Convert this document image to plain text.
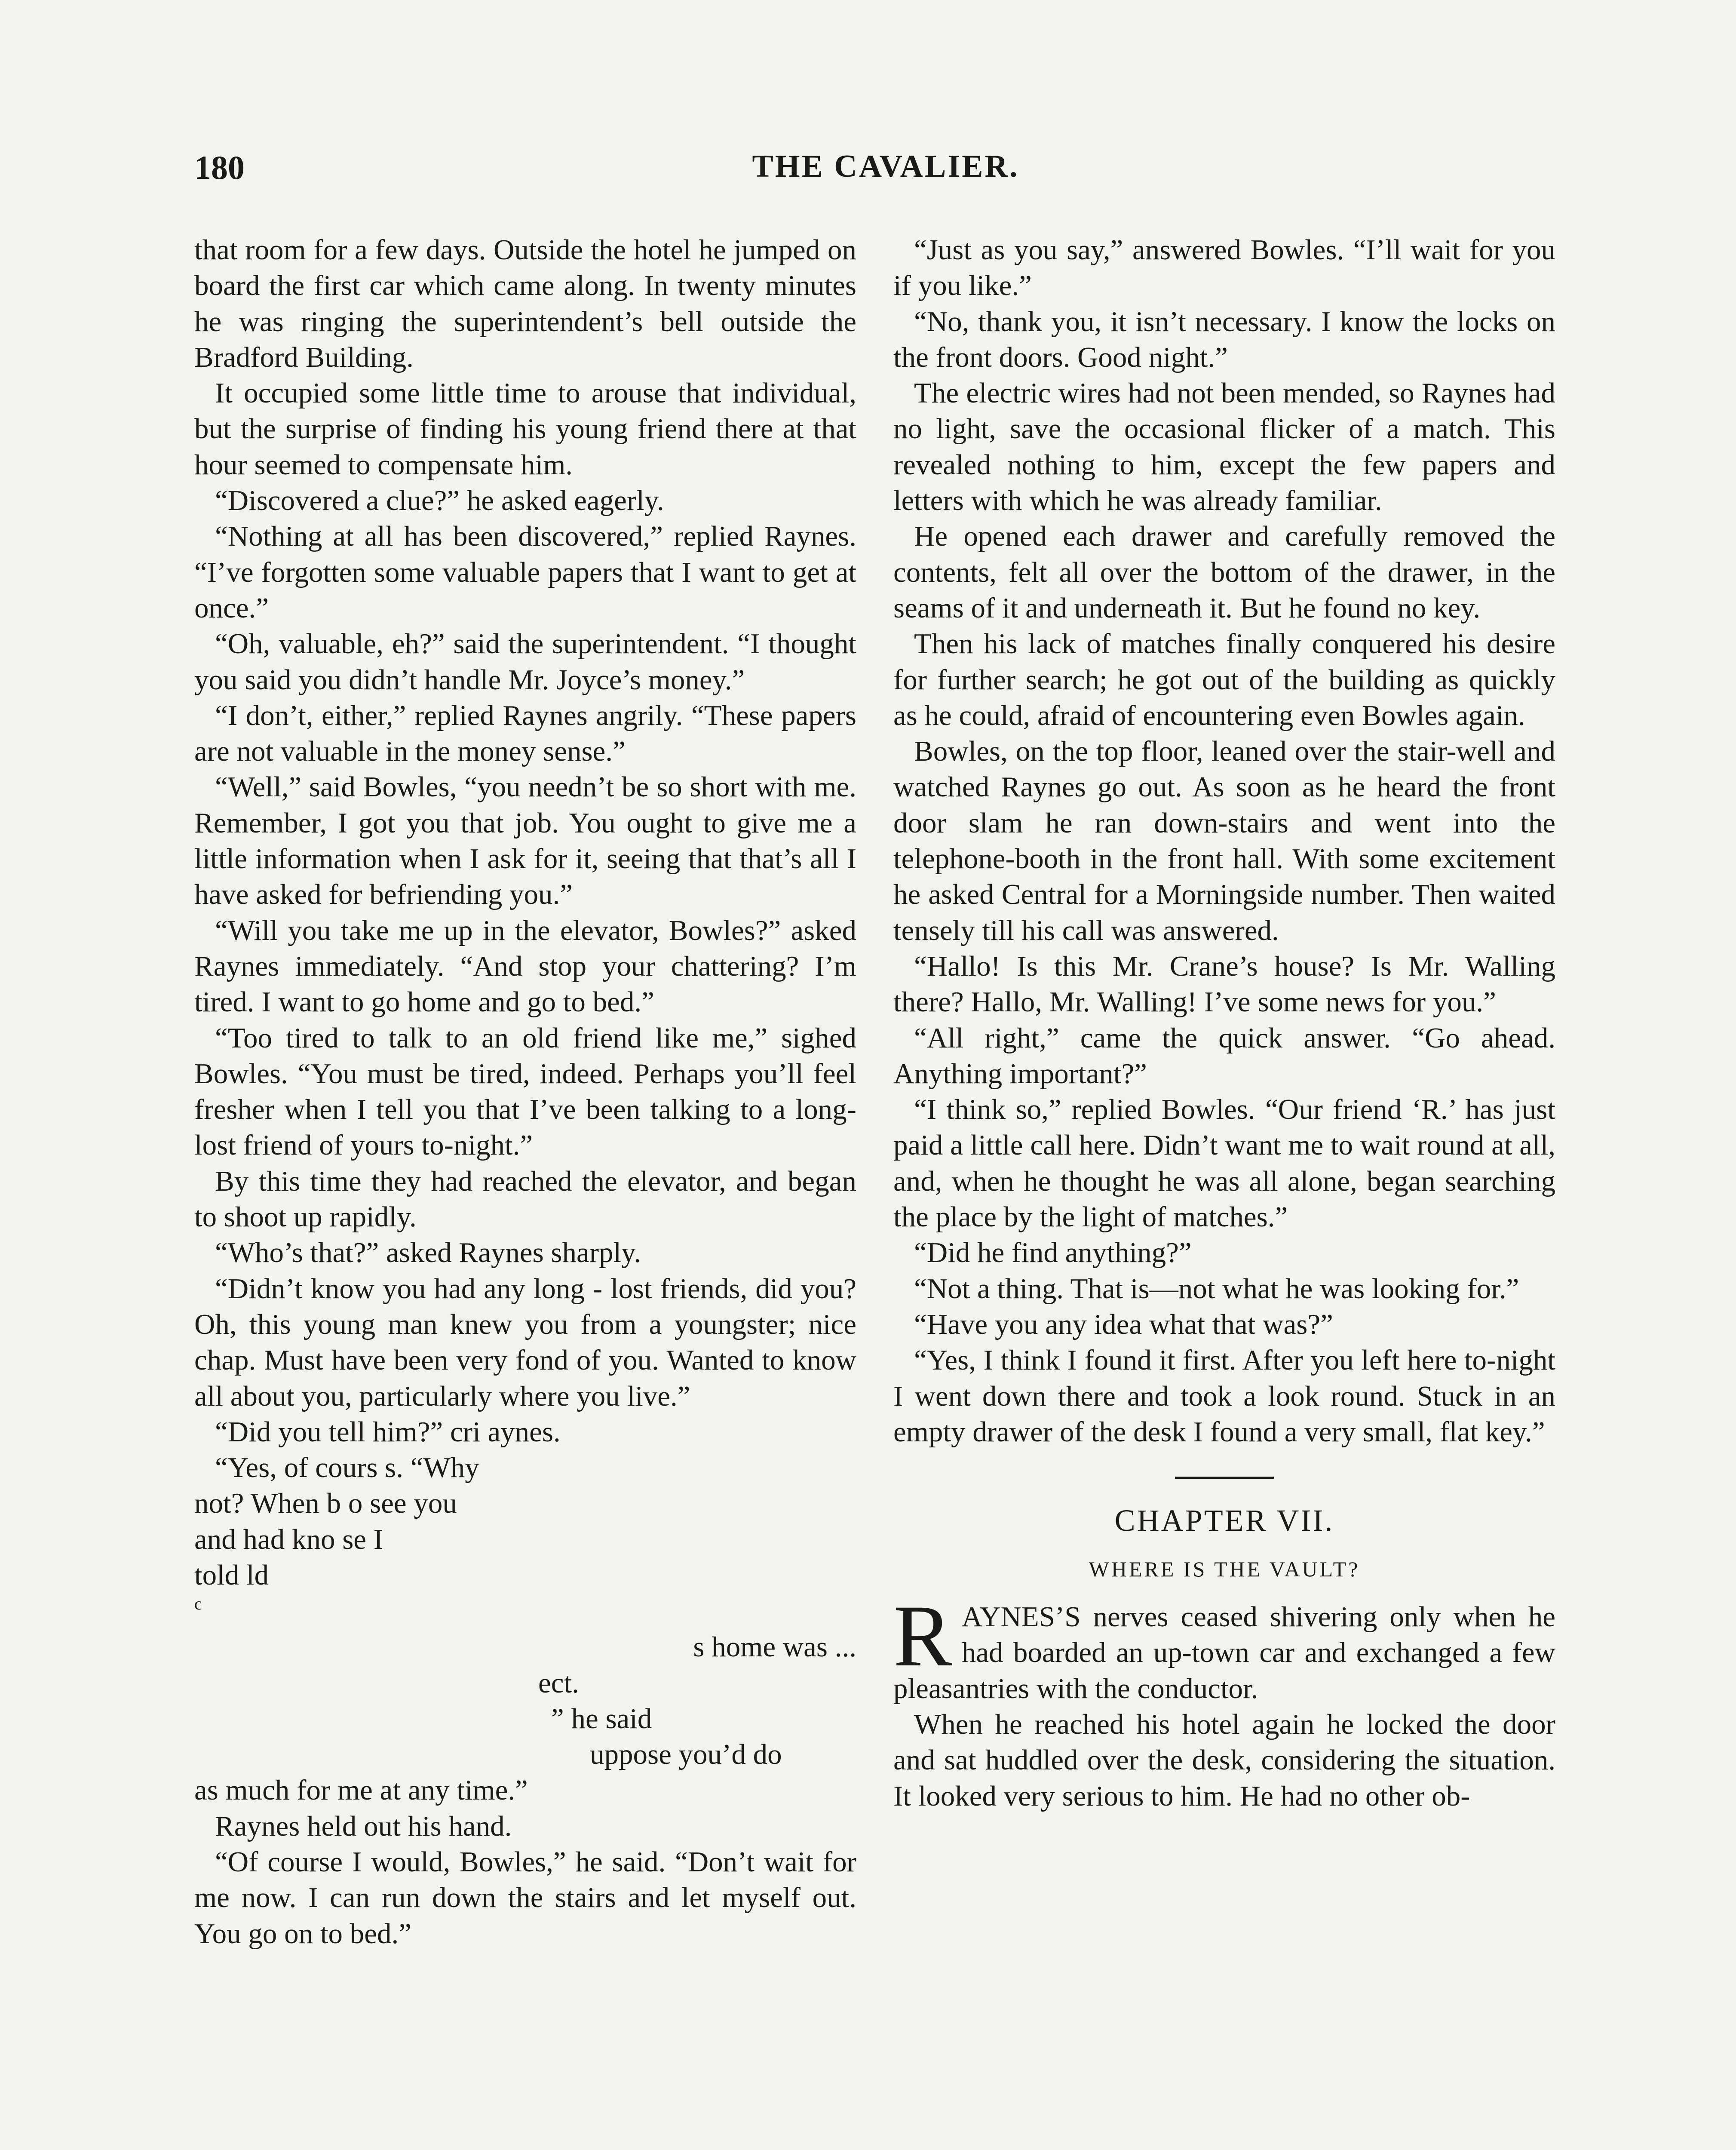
180	THE CAVALIER.

that room for a few days. Outside the hotel he jumped on board the first car which came along. In twenty minutes he was ringing the superintendent’s bell outside the Bradford Building.

It occupied some little time to arouse that individual, but the surprise of finding his young friend there at that hour seemed to compensate him.

“Discovered a clue?” he asked eagerly.

“Nothing at all has been discovered,” replied Raynes. “I’ve forgotten some valuable papers that I want to get at once.”

“Oh, valuable, eh?” said the superintendent. “I thought you said you didn’t handle Mr. Joyce’s money.”

“I don’t, either,” replied Raynes angrily. “These papers are not valuable in the money sense.”

“Well,” said Bowles, “you needn’t be so short with me. Remember, I got you that job. You ought to give me a little information when I ask for it, seeing that that’s all I have asked for befriending you.”

“Will you take me up in the elevator, Bowles?” asked Raynes immediately. “And stop your chattering? I’m tired. I want to go home and go to bed.”

“Too tired to talk to an old friend like me,” sighed Bowles. “You must be tired, indeed. Perhaps you’ll feel fresher when I tell you that I’ve been talking to a long-lost friend of yours to-night.”

By this time they had reached the elevator, and began to shoot up rapidly.

“Who’s that?” asked Raynes sharply.

“Didn’t know you had any long - lost friends, did you? Oh, this young man knew you from a youngster; nice chap. Must have been very fond of you. Wanted to know all about you, particularly where you live.”

“Did you tell him?” cri aynes.

“Yes, of cours s. “Why

not? When b o see you

and had kno se I

told ld

c

s home was ...

ect.

” he said

uppose you’d do

as much for me at any time.”

Raynes held out his hand.

“Of course I would, Bowles,” he said. “Don’t wait for me now. I can run down the stairs and let myself out. You go on to bed.”

“Just as you say,” answered Bowles. “I’ll wait for you if you like.”

“No, thank you, it isn’t necessary. I know the locks on the front doors. Good night.”

The electric wires had not been mended, so Raynes had no light, save the occasional flicker of a match. This revealed nothing to him, except the few papers and letters with which he was already familiar.

He opened each drawer and carefully removed the contents, felt all over the bottom of the drawer, in the seams of it and underneath it. But he found no key.

Then his lack of matches finally conquered his desire for further search; he got out of the building as quickly as he could, afraid of encountering even Bowles again.

Bowles, on the top floor, leaned over the stair-well and watched Raynes go out. As soon as he heard the front door slam he ran down-stairs and went into the telephone-booth in the front hall. With some excitement he asked Central for a Morningside number. Then waited tensely till his call was answered.

“Hallo! Is this Mr. Crane’s house? Is Mr. Walling there? Hallo, Mr. Walling! I’ve some news for you.”

“All right,” came the quick answer. “Go ahead. Anything important?”

“I think so,” replied Bowles. “Our friend ‘R.’ has just paid a little call here. Didn’t want me to wait round at all, and, when he thought he was all alone, began searching the place by the light of matches.”

“Did he find anything?”

“Not a thing. That is—not what he was looking for.”

“Have you any idea what that was?”

“Yes, I think I found it first. After you left here to-night I went down there and took a look round. Stuck in an empty drawer of the desk I found a very small, flat key.”

CHAPTER VII.
WHERE IS THE VAULT?

R AYNES’S nerves ceased shivering only when he had boarded an up-town car and exchanged a few pleasantries with the conductor.

When he reached his hotel again he locked the door and sat huddled over the desk, considering the situation. It looked very serious to him. He had no other ob-
